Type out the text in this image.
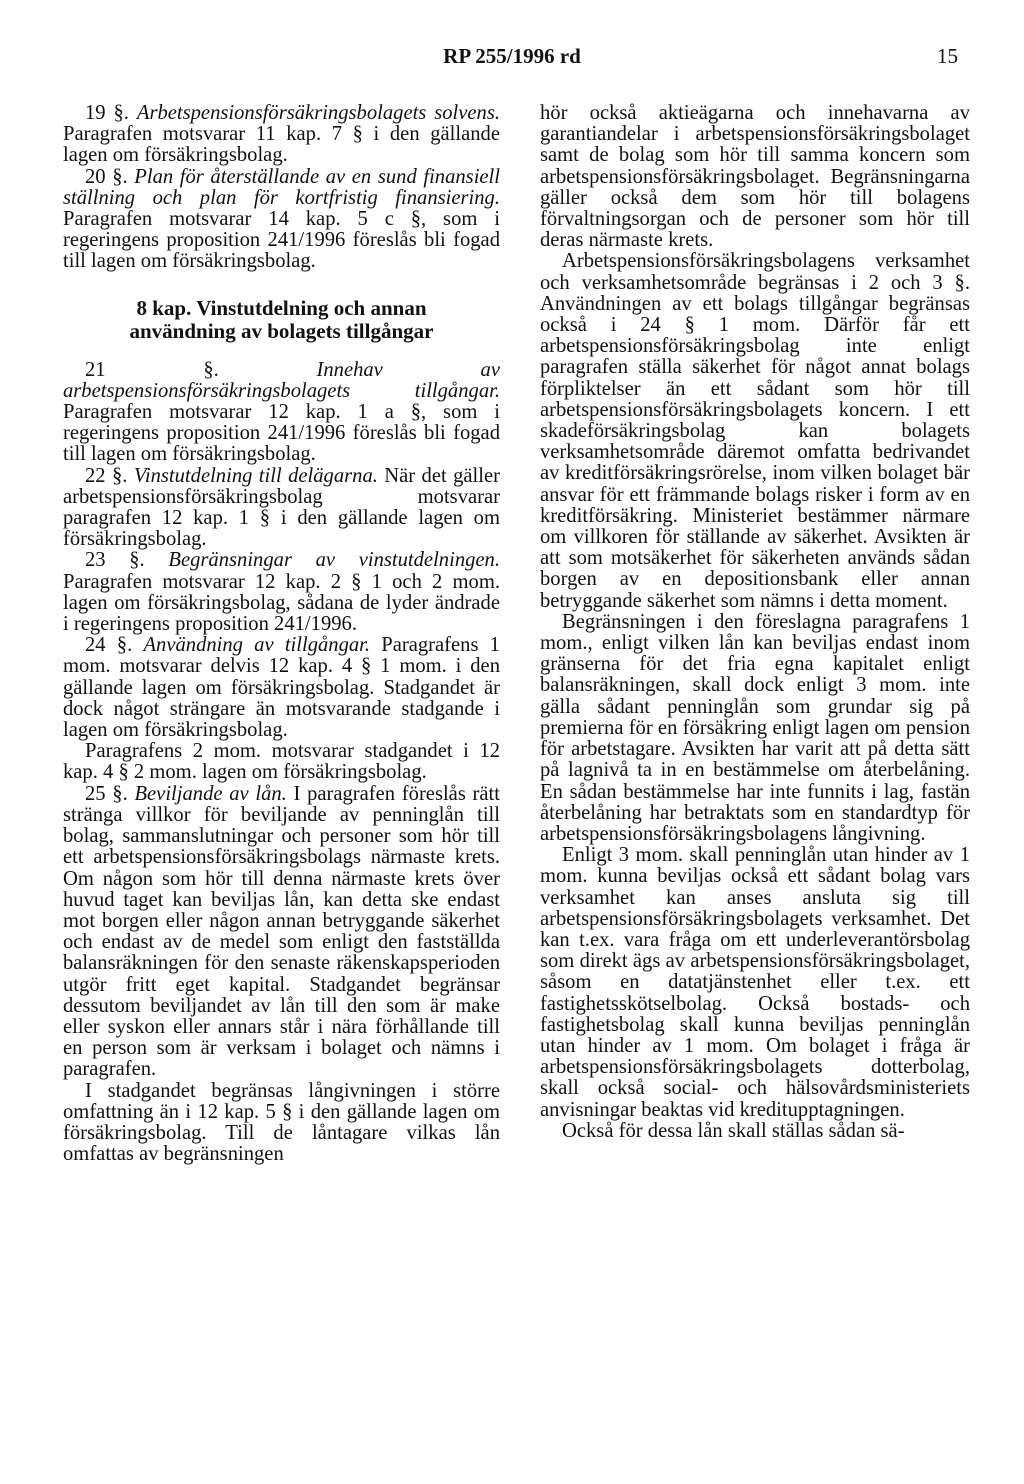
RP 255/1996 rd	15

19 §. Arbetspensionsförsäkringsbolagets solvens. Paragrafen motsvarar 11 kap. 7 § i den gällande lagen om försäkringsbolag.

20 §. Plan för återställande av en sund finansiell ställning och plan för kortfristig finansiering. Paragrafen motsvarar 14 kap. 5 c §, som i regeringens proposition 241/1996 föreslås bli fogad till lagen om försäkringsbolag.

8 kap. Vinstutdelning och annan
användning av bolagets tillgångar

21 §.	Innehav av arbetspensionsförsäkringsbolagets tillgångar. Paragrafen motsvarar 12 kap. 1 a §, som i regeringens proposition 241/1996 föreslås bli fogad till lagen om försäkringsbolag.

22 §. Vinstutdelning till delägarna. När det gäller arbetspensionsförsäkringsbolag motsvarar paragrafen 12 kap. 1 § i den gällande lagen om försäkringsbolag.

23 §. Begränsningar av vinstutdelningen. Paragrafen motsvarar 12 kap. 2 § 1 och 2 mom. lagen om försäkringsbolag, sådana de lyder ändrade i regeringens proposition 241/1996.

24 §. Användning av tillgångar. Paragrafens 1 mom. motsvarar delvis 12 kap. 4 § 1 mom. i den gällande lagen om försäkringsbolag. Stadgandet är dock något strängare än motsvarande stadgande i lagen om försäkringsbolag.

Paragrafens 2 mom. motsvarar stadgandet i 12 kap. 4 § 2 mom. lagen om försäkringsbolag.

25 §. Beviljande av lån. I paragrafen föreslås rätt stränga villkor för beviljande av penninglån till bolag, sammanslutningar och personer som hör till ett arbetspensionsförsäkringsbolags närmaste krets. Om någon som hör till denna närmaste krets över huvud taget kan beviljas lån, kan detta ske endast mot borgen eller någon annan betryggande säkerhet och endast av de medel som enligt den fastställda balansräkningen för den senaste räkenskapsperioden utgör fritt eget kapital. Stadgandet begränsar dessutom beviljandet av lån till den som är make eller syskon eller annars står i nära förhållande till en person som är verksam i bolaget och nämns i paragrafen.

I stadgandet begränsas långivningen i större omfattning än i 12 kap. 5 § i den gällande lagen om försäkringsbolag. Till de låntagare vilkas lån omfattas av begränsningen

hör också aktieägarna och innehavarna av garantiandelar i arbetspensionsförsäkringsbolaget samt de bolag som hör till samma koncern som arbetspensionsförsäkringsbolaget. Begränsningarna gäller också dem som hör till bolagens förvaltningsorgan och de personer som hör till deras närmaste krets.

Arbetspensionsförsäkringsbolagens verksamhet och verksamhetsområde begränsas i 2 och 3 §. Användningen av ett bolags tillgångar begränsas också i 24 § 1 mom. Därför får ett arbetspensionsförsäkringsbolag inte enligt paragrafen ställa säkerhet för något annat bolags förpliktelser än ett sådant som hör till arbetspensionsförsäkringsbolagets koncern. I ett skadeförsäkringsbolag kan bolagets verksamhetsområde däremot omfatta bedrivandet av kreditförsäkringsrörelse, inom vilken bolaget bär ansvar för ett främmande bolags risker i form av en kreditförsäkring. Ministeriet bestämmer närmare om villkoren för ställande av säkerhet. Avsikten är att som motsäkerhet för säkerheten används sådan borgen av en depositionsbank eller annan betryggande säkerhet som nämns i detta moment.

Begränsningen i den föreslagna paragrafens 1 mom., enligt vilken lån kan beviljas endast inom gränserna för det fria egna kapitalet enligt balansräkningen, skall dock enligt 3 mom. inte gälla sådant penninglån som grundar sig på premierna för en försäkring enligt lagen om pension för arbetstagare. Avsikten har varit att på detta sätt på lagnivå ta in en bestämmelse om återbelåning. En sådan bestämmelse har inte funnits i lag, fastän återbelåning har betraktats som en standardtyp för arbetspensionsförsäkringsbolagens långivning.

Enligt 3 mom. skall penninglån utan hinder av 1 mom. kunna beviljas också ett sådant bolag vars verksamhet kan anses ansluta sig till arbetspensionsförsäkringsbolagets verksamhet. Det kan t.ex. vara fråga om ett underleverantörsbolag som direkt ägs av arbetspensionsförsäkringsbolaget, såsom en datatjänstenhet eller t.ex. ett fastighetsskötselbolag. Också bostads- och fastighetsbolag skall kunna beviljas penninglån utan hinder av 1 mom. Om bolaget i fråga är arbetspensionsförsäkringsbolagets dotterbolag, skall också social- och hälsovårdsministeriets anvisningar beaktas vid kreditupptagningen.

Också för dessa lån skall ställas sådan sä-
